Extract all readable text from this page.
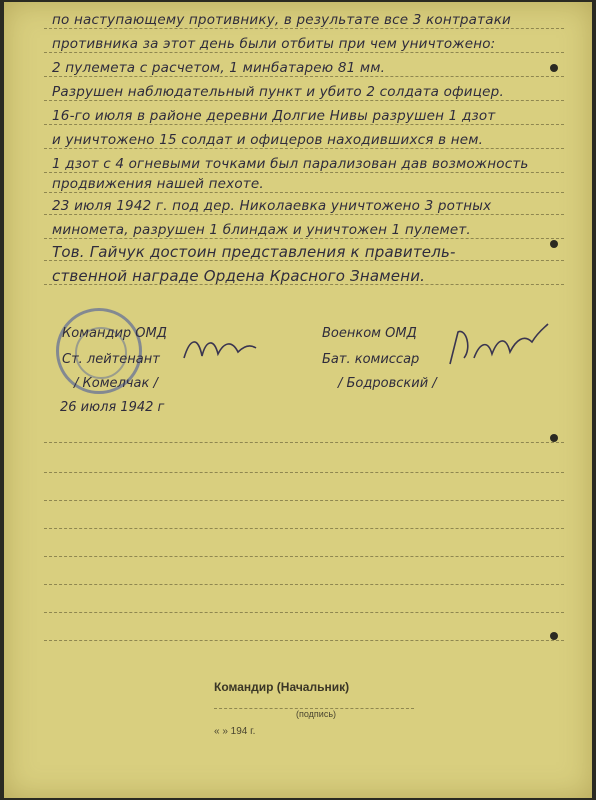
по наступающему противнику, в результате все 3 контратаки
противника за этот день были отбиты при чем уничтожено:
2 пулемета с расчетом, 1 минбатарею 81 мм.
Разрушен наблюдательный пункт и убито 2 солдата офицер.
16-го июля в районе деревни Долгие Нивы разрушен 1 дзот
и уничтожено 15 солдат и офицеров находившихся в нем.
1 дзот с 4 огневыми точками был парализован дав возможность
продвижения нашей пехоте.
23 июля 1942 г. под дер. Николаевка уничтожено 3 ротных
миномета, разрушен 1 блиндаж и уничтожен 1 пулемет.
Тов. Гайчук достоин представления к правитель-
ственной награде Ордена Красного Знамени.
Командир ОМД
Ст. лейтенант
/ Комелчак /
26 июля 1942 г
Военком ОМД
Бат. комиссар
/ Бодровский /
Командир (Начальник)
(подпись)
« » 194 г.
